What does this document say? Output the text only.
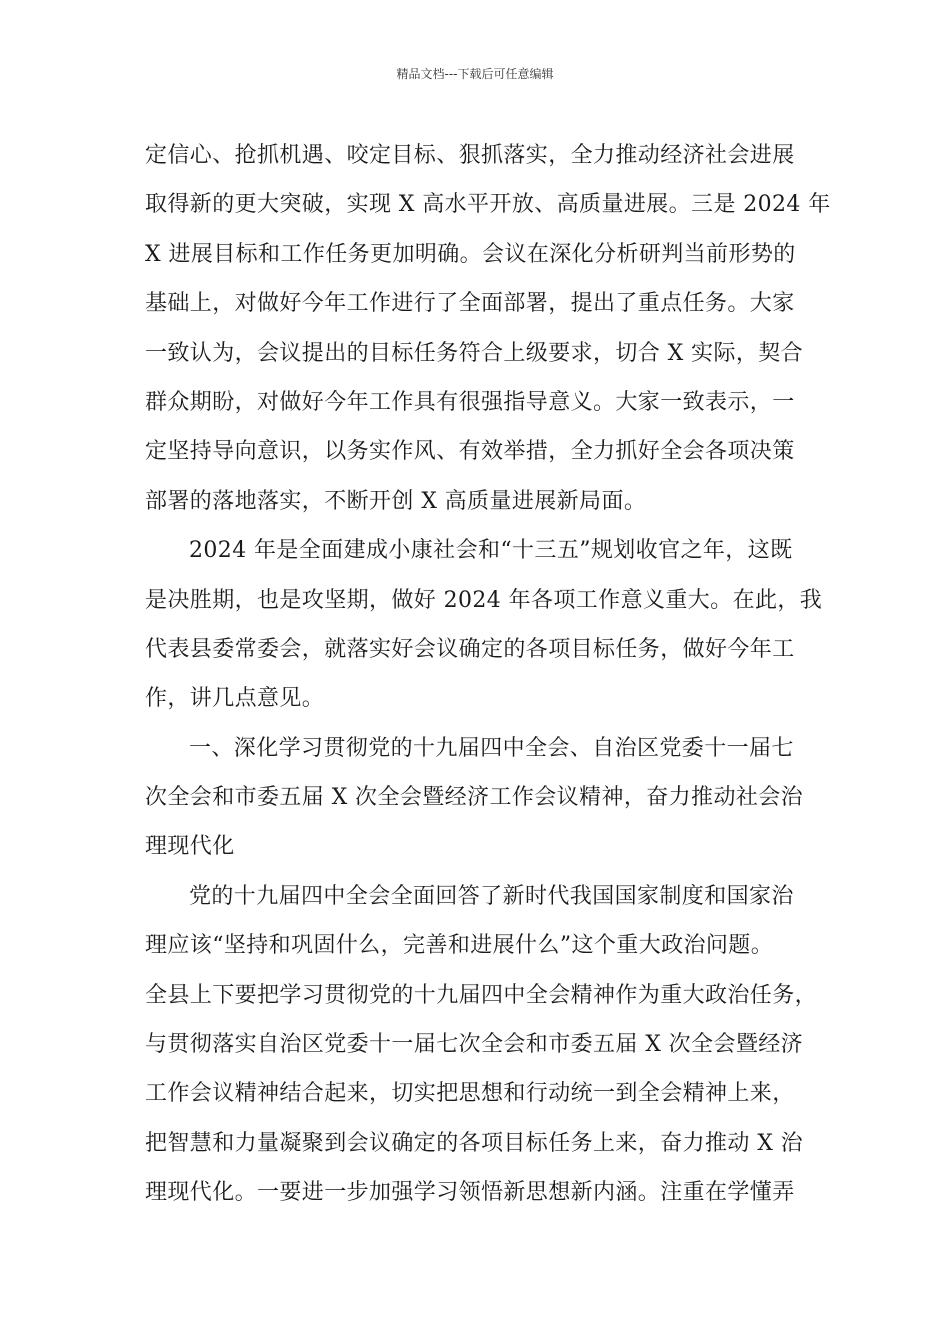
精品文档---下载后可任意编辑
定信心、抢抓机遇、咬定目标、狠抓落实，全力推动经济社会进展
取得新的更大突破，实现 X 高水平开放、高质量进展。三是 2024 年
X 进展目标和工作任务更加明确。会议在深化分析研判当前形势的
基础上，对做好今年工作进行了全面部署，提出了重点任务。大家
一致认为，会议提出的目标任务符合上级要求，切合 X 实际，契合
群众期盼，对做好今年工作具有很强指导意义。大家一致表示，一
定坚持导向意识，以务实作风、有效举措，全力抓好全会各项决策
部署的落地落实，不断开创 X 高质量进展新局面。
2024 年是全面建成小康社会和“十三五”规划收官之年，这既
是决胜期，也是攻坚期，做好 2024 年各项工作意义重大。在此，我
代表县委常委会，就落实好会议确定的各项目标任务，做好今年工
作，讲几点意见。
一、深化学习贯彻党的十九届四中全会、自治区党委十一届七
次全会和市委五届 X 次全会暨经济工作会议精神，奋力推动社会治
理现代化
党的十九届四中全会全面回答了新时代我国国家制度和国家治
理应该“坚持和巩固什么，完善和进展什么”这个重大政治问题。
全县上下要把学习贯彻党的十九届四中全会精神作为重大政治任务，
与贯彻落实自治区党委十一届七次全会和市委五届 X 次全会暨经济
工作会议精神结合起来，切实把思想和行动统一到全会精神上来，
把智慧和力量凝聚到会议确定的各项目标任务上来，奋力推动 X 治
理现代化。一要进一步加强学习领悟新思想新内涵。注重在学懂弄
